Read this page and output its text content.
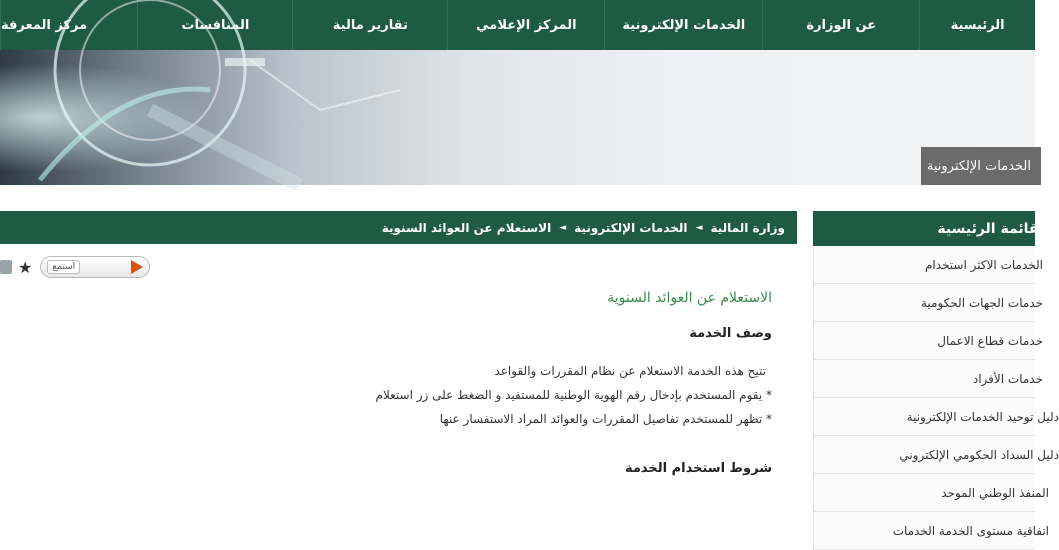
الرئيسية
عن الوزارة
الخدمات الإلكترونية
المركز الإعلامي
تقارير مالية
المنافسات
مركز المعرفة
الخدمات الإلكترونية
وزارة المالية
◄
الخدمات الإلكترونية
◄
الاستعلام عن العوائد السنوية
★	استمع
الاستعلام عن العوائد السنوية
وصف الخدمة
تتيح هذه الخدمة الاستعلام عن نظام المقررات والقواعد
* يقوم المستخدم بإدخال رقم الهوية الوطنية للمستفيد و الضغط على زر استعلام
* تظهر للمستخدم تفاصيل المقررات والعوائد المراد الاستفسار عنها
شروط استخدام الخدمة
القائمة الرئيسية
الخدمات الاكثر استخدام
خدمات الجهات الحكومية
خدمات قطاع الاعمال
خدمات الأفراد
دليل توحيد الخدمات الإلكترونية
دليل السداد الحكومي الإلكتروني
المنفذ الوطني الموحد
اتفاقية مستوى الخدمة الخدمات
